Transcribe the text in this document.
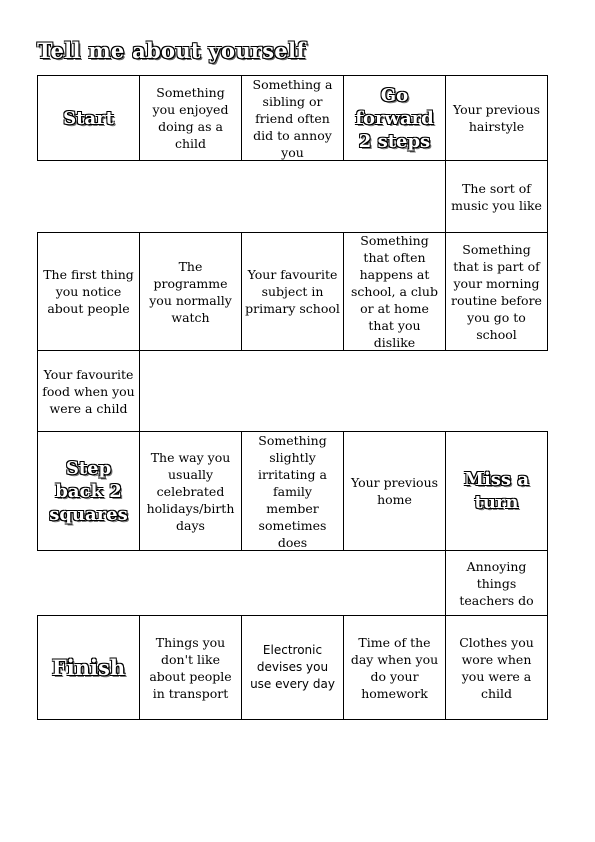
Tell me about yourself
Start
Something you enjoyed doing as a child
Something a sibling or friend often did to annoy you
Go forward 2 steps
Your previous hairstyle
The sort of music you like
The first thing you notice about people
The programme you normally watch
Your favourite subject in primary school
Something that often happens at school, a club or at home that you dislike
Something that is part of your morning routine before you go to school
Your favourite food when you were a child
Step back 2 squares
The way you usually celebrated holidays/birth days
Something slightly irritating a family member sometimes does
Your previous home
Miss a turn
Annoying things teachers do
Finish
Things you don't like about people in transport
Electronic devises you use every day
Time of the day when you do your homework
Clothes you wore when you were a child
